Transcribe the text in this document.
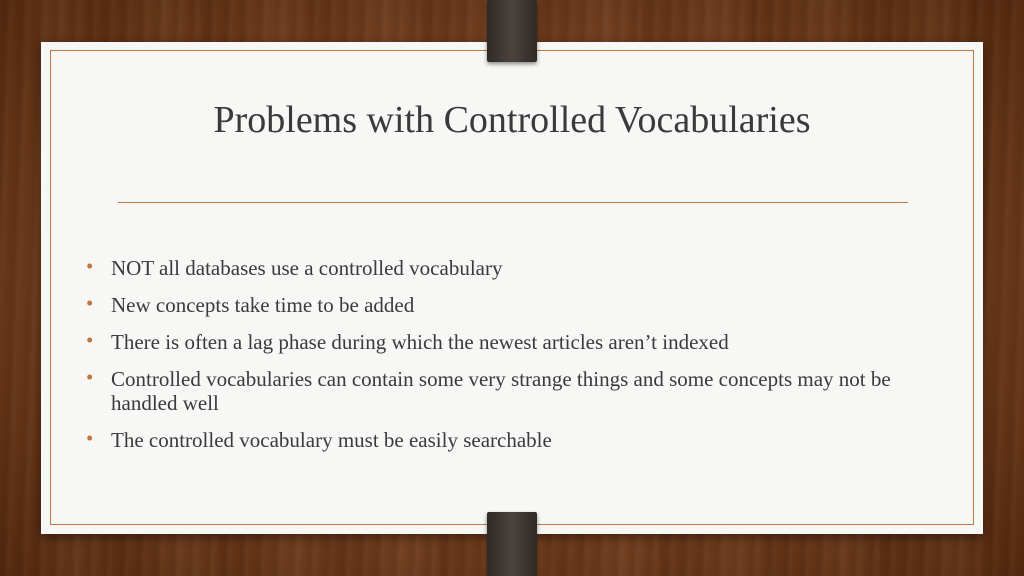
Problems with Controlled Vocabularies
• NOT all databases use a controlled vocabulary
• New concepts take time to be added
• There is often a lag phase during which the newest articles aren’t indexed
• Controlled vocabularies can contain some very strange things and some concepts may not be handled well
• The controlled vocabulary must be easily searchable
